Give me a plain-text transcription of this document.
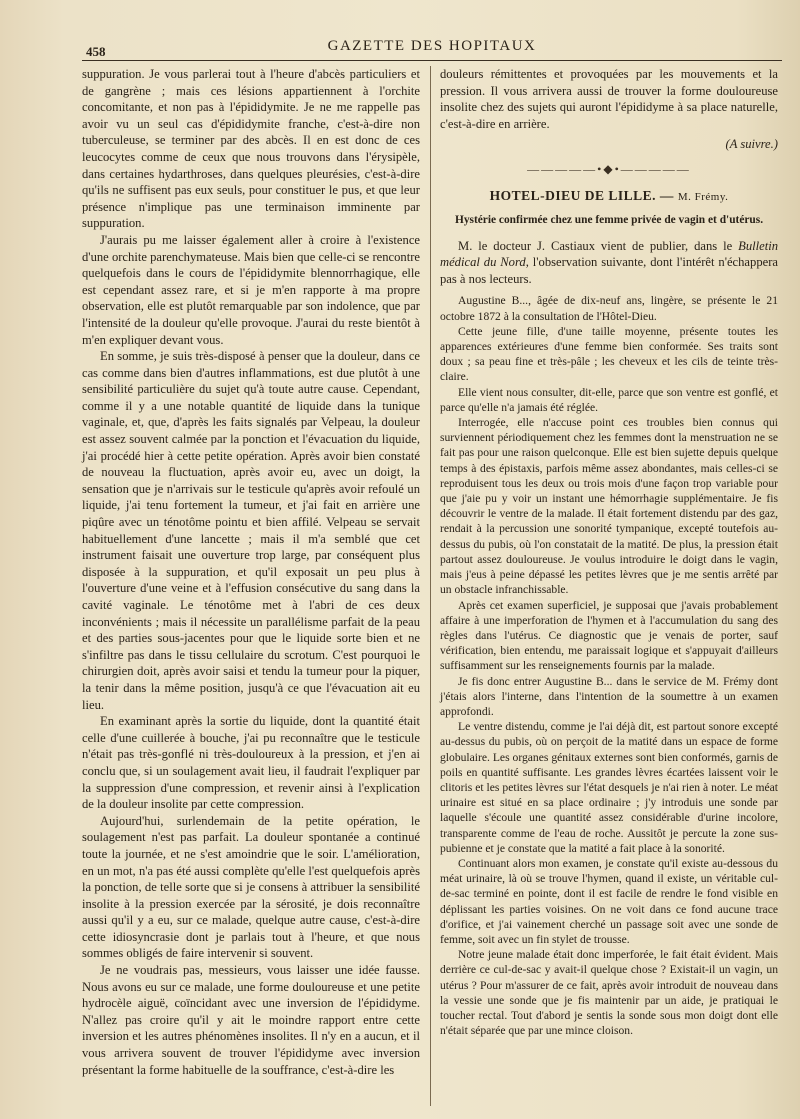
458	GAZETTE DES HOPITAUX

suppuration. Je vous parlerai tout à l'heure d'abcès particuliers et de gangrène ; mais ces lésions appartiennent à l'orchite concomitante, et non pas à l'épididymite. Je ne me rappelle pas avoir vu un seul cas d'épididymite franche, c'est-à-dire non tuberculeuse, se terminer par des abcès. Il en est donc de ces leucocytes comme de ceux que nous trouvons dans l'érysipèle, dans certaines hydarthroses, dans quelques pleurésies, c'est-à-dire qu'ils ne suffisent pas eux seuls, pour constituer le pus, et que leur présence n'implique pas une terminaison imminente par suppuration.

J'aurais pu me laisser également aller à croire à l'existence d'une orchite parenchymateuse. Mais bien que celle-ci se rencontre quelquefois dans le cours de l'épididymite blennorrhagique, elle est cependant assez rare, et si je m'en rapporte à ma propre observation, elle est plutôt remarquable par son indolence, que par l'intensité de la douleur qu'elle provoque. J'aurai du reste bientôt à m'en expliquer devant vous.

En somme, je suis très-disposé à penser que la douleur, dans ce cas comme dans bien d'autres inflammations, est due plutôt à une sensibilité particulière du sujet qu'à toute autre cause. Cependant, comme il y a une notable quantité de liquide dans la tunique vaginale, et, que, d'après les faits signalés par Velpeau, la douleur est assez souvent calmée par la ponction et l'évacuation du liquide, j'ai procédé hier à cette petite opération. Après avoir bien constaté de nouveau la fluctuation, après avoir eu, avec un doigt, la sensation que je n'arrivais sur le testicule qu'après avoir refoulé un liquide, j'ai tenu fortement la tumeur, et j'ai fait en arrière une piqûre avec un ténotôme pointu et bien affilé. Velpeau se servait habituellement d'une lancette ; mais il m'a semblé que cet instrument faisait une ouverture trop large, par conséquent plus disposée à la suppuration, et qu'il exposait un peu plus à l'ouverture d'une veine et à l'effusion consécutive du sang dans la cavité vaginale. Le ténotôme met à l'abri de ces deux inconvénients ; mais il nécessite un parallélisme parfait de la peau et des parties sous-jacentes pour que le liquide sorte bien et ne s'infiltre pas dans le tissu cellulaire du scrotum. C'est pourquoi le chirurgien doit, après avoir saisi et tendu la tumeur pour la piquer, la tenir dans la même position, jusqu'à ce que l'évacuation ait eu lieu.

En examinant après la sortie du liquide, dont la quantité était celle d'une cuillerée à bouche, j'ai pu reconnaître que le testicule n'était pas très-gonflé ni très-douloureux à la pression, et j'en ai conclu que, si un soulagement avait lieu, il faudrait l'expliquer par la suppression d'une compression, et revenir ainsi à l'explication de la douleur insolite par cette compression.

Aujourd'hui, surlendemain de la petite opération, le soulagement n'est pas parfait. La douleur spontanée a continué toute la journée, et ne s'est amoindrie que le soir. L'amélioration, en un mot, n'a pas été aussi complète qu'elle l'est quelquefois après la ponction, de telle sorte que si je consens à attribuer la sensibilité insolite à la pression exercée par la sérosité, je dois reconnaître aussi qu'il y a eu, sur ce malade, quelque autre cause, c'est-à-dire cette idiosyncrasie dont je parlais tout à l'heure, et que nous sommes obligés de faire intervenir si souvent.

Je ne voudrais pas, messieurs, vous laisser une idée fausse. Nous avons eu sur ce malade, une forme douloureuse et une petite hydrocèle aiguë, coïncidant avec une inversion de l'épididyme. N'allez pas croire qu'il y ait le moindre rapport entre cette inversion et les autres phénomènes insolites. Il n'y en a aucun, et il vous arrivera souvent de trouver l'épididyme avec inversion présentant la forme habituelle de la souffrance, c'est-à-dire les

douleurs rémittentes et provoquées par les mouvements et la pression. Il vous arrivera aussi de trouver la forme douloureuse insolite chez des sujets qui auront l'épididyme à sa place naturelle, c'est-à-dire en arrière.

(A suivre.)
—————•◆•—————
HOTEL-DIEU DE LILLE. — M. Frémy.
Hystérie confirmée chez une femme privée de vagin et d'utérus.

M. le docteur J. Castiaux vient de publier, dans le Bulletin médical du Nord, l'observation suivante, dont l'intérêt n'échappera pas à nos lecteurs.

Augustine B..., âgée de dix-neuf ans, lingère, se présente le 21 octobre 1872 à la consultation de l'Hôtel-Dieu.

Cette jeune fille, d'une taille moyenne, présente toutes les apparences extérieures d'une femme bien conformée. Ses traits sont doux ; sa peau fine et très-pâle ; les cheveux et les cils de teinte très-claire.

Elle vient nous consulter, dit-elle, parce que son ventre est gonflé, et parce qu'elle n'a jamais été réglée.

Interrogée, elle n'accuse point ces troubles bien connus qui surviennent périodiquement chez les femmes dont la menstruation ne se fait pas pour une raison quelconque. Elle est bien sujette depuis quelque temps à des épistaxis, parfois même assez abondantes, mais celles-ci se reproduisent tous les deux ou trois mois d'une façon trop variable pour que j'aie pu y voir un instant une hémorrhagie supplémentaire. Je fis découvrir le ventre de la malade. Il était fortement distendu par des gaz, rendait à la percussion une sonorité tympanique, excepté toutefois au-dessus du pubis, où l'on constatait de la matité. De plus, la pression était partout assez douloureuse. Je voulus introduire le doigt dans le vagin, mais j'eus à peine dépassé les petites lèvres que je me sentis arrêté par un obstacle infranchissable.

Après cet examen superficiel, je supposai que j'avais probablement affaire à une imperforation de l'hymen et à l'accumulation du sang des règles dans l'utérus. Ce diagnostic que je venais de porter, sauf vérification, bien entendu, me paraissait logique et s'appuyait d'ailleurs suffisamment sur les renseignements fournis par la malade.

Je fis donc entrer Augustine B... dans le service de M. Frémy dont j'étais alors l'interne, dans l'intention de la soumettre à un examen approfondi.

Le ventre distendu, comme je l'ai déjà dit, est partout sonore excepté au-dessus du pubis, où on perçoit de la matité dans un espace de forme globulaire. Les organes génitaux externes sont bien conformés, garnis de poils en quantité suffisante. Les grandes lèvres écartées laissent voir le clitoris et les petites lèvres sur l'état desquels je n'ai rien à noter. Le méat urinaire est situé en sa place ordinaire ; j'y introduis une sonde par laquelle s'écoule une quantité assez considérable d'urine incolore, transparente comme de l'eau de roche. Aussitôt je percute la zone sus-pubienne et je constate que la matité a fait place à la sonorité.

Continuant alors mon examen, je constate qu'il existe au-dessous du méat urinaire, là où se trouve l'hymen, quand il existe, un véritable cul-de-sac terminé en pointe, dont il est facile de rendre le fond visible en déplissant les parties voisines. On ne voit dans ce fond aucune trace d'orifice, et j'ai vainement cherché un passage soit avec une sonde de femme, soit avec un fin stylet de trousse.

Notre jeune malade était donc imperforée, le fait était évident. Mais derrière ce cul-de-sac y avait-il quelque chose ? Existait-il un vagin, un utérus ? Pour m'assurer de ce fait, après avoir introduit de nouveau dans la vessie une sonde que je fis maintenir par un aide, je pratiquai le toucher rectal. Tout d'abord je sentis la sonde sous mon doigt dont elle n'était séparée que par une mince cloison.
